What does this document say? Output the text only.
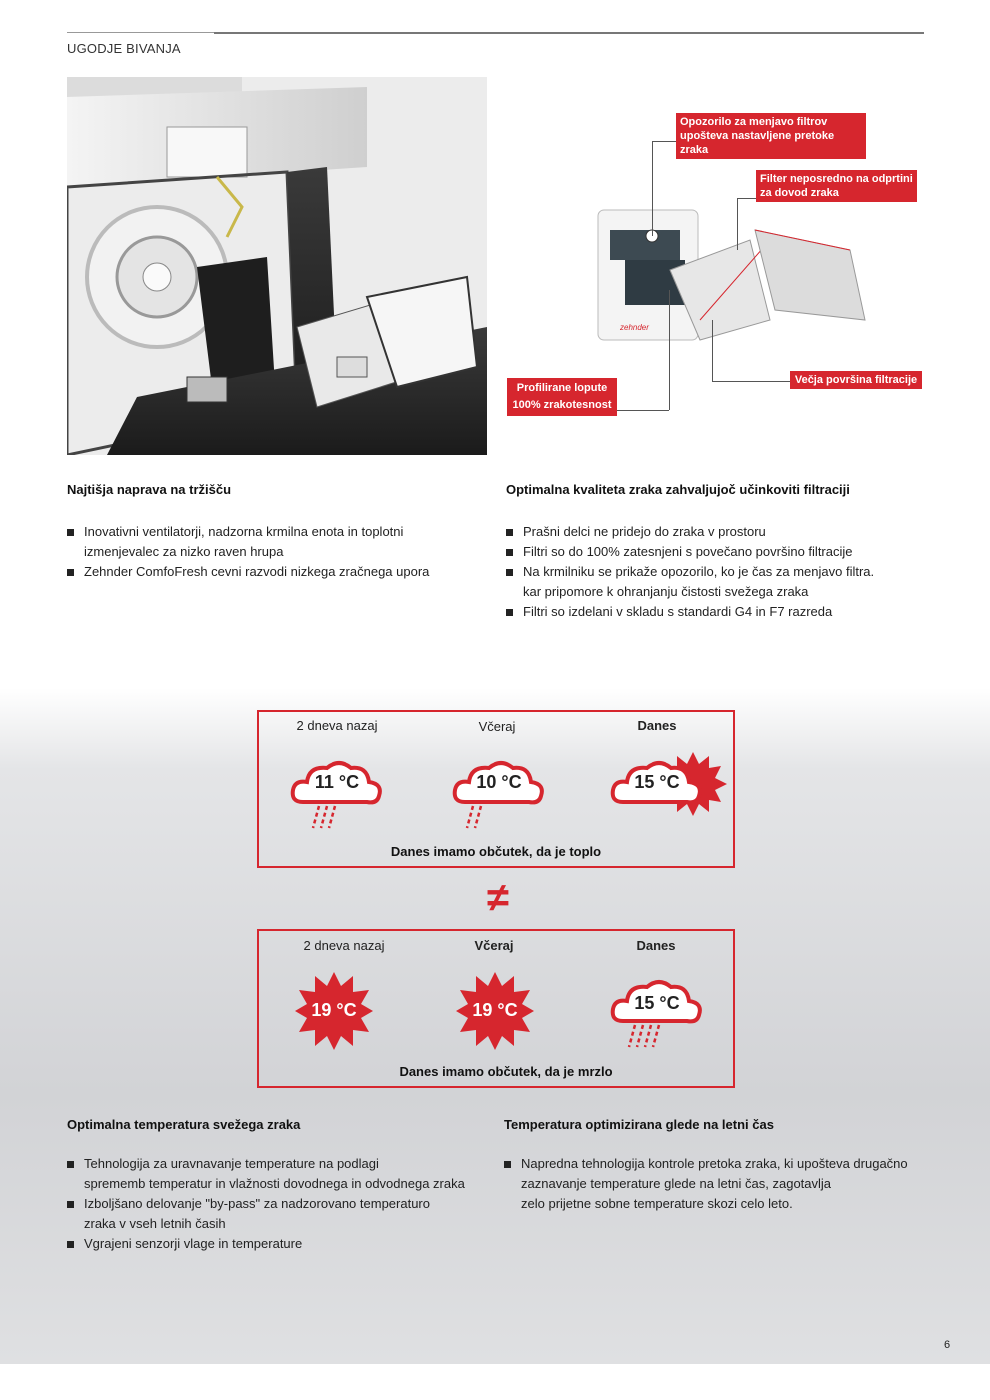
UGODJE BIVANJA
zehnder
Opozorilo za menjavo filtrov
upošteva nastavljene pretoke zraka
Filter neposredno na odprtini
za dovod zraka
Profilirane lopute
100% zrakotesnost
Večja površina filtracije
Najtišja naprava na tržišču
Inovativni ventilatorji, nadzorna krmilna enota in toplotni
izmenjevalec za nizko raven hrupa
Zehnder ComfoFresh cevni razvodi nizkega zračnega upora
Optimalna kvaliteta zraka zahvaljujoč učinkoviti filtraciji
Prašni delci ne pridejo do zraka v prostoru
Filtri so do 100% zatesnjeni s povečano površino filtracije
Na krmilniku se prikaže opozorilo, ko je čas za menjavo filtra.
kar pripomore k ohranjanju čistosti svežega zraka
Filtri so izdelani v skladu s standardi G4 in F7 razreda
2 dneva nazaj	Včeraj	Danes
11 °C	10 °C	15 °C
Danes imamo občutek, da je toplo
≠
2 dneva nazaj	Včeraj	Danes
19 °C	19 °C	15 °C
Danes imamo občutek, da je mrzlo
Optimalna temperatura svežega zraka
Tehnologija za uravnavanje temperature na podlagi
sprememb temperatur in vlažnosti dovodnega in odvodnega zraka
Izboljšano delovanje "by-pass" za nadzorovano temperaturo
zraka v vseh letnih časih
Vgrajeni senzorji vlage in temperature
Temperatura optimizirana glede na letni čas
Napredna tehnologija kontrole pretoka zraka, ki upošteva drugačno
zaznavanje temperature glede na letni čas, zagotavlja
zelo prijetne sobne temperature skozi celo leto.
6
